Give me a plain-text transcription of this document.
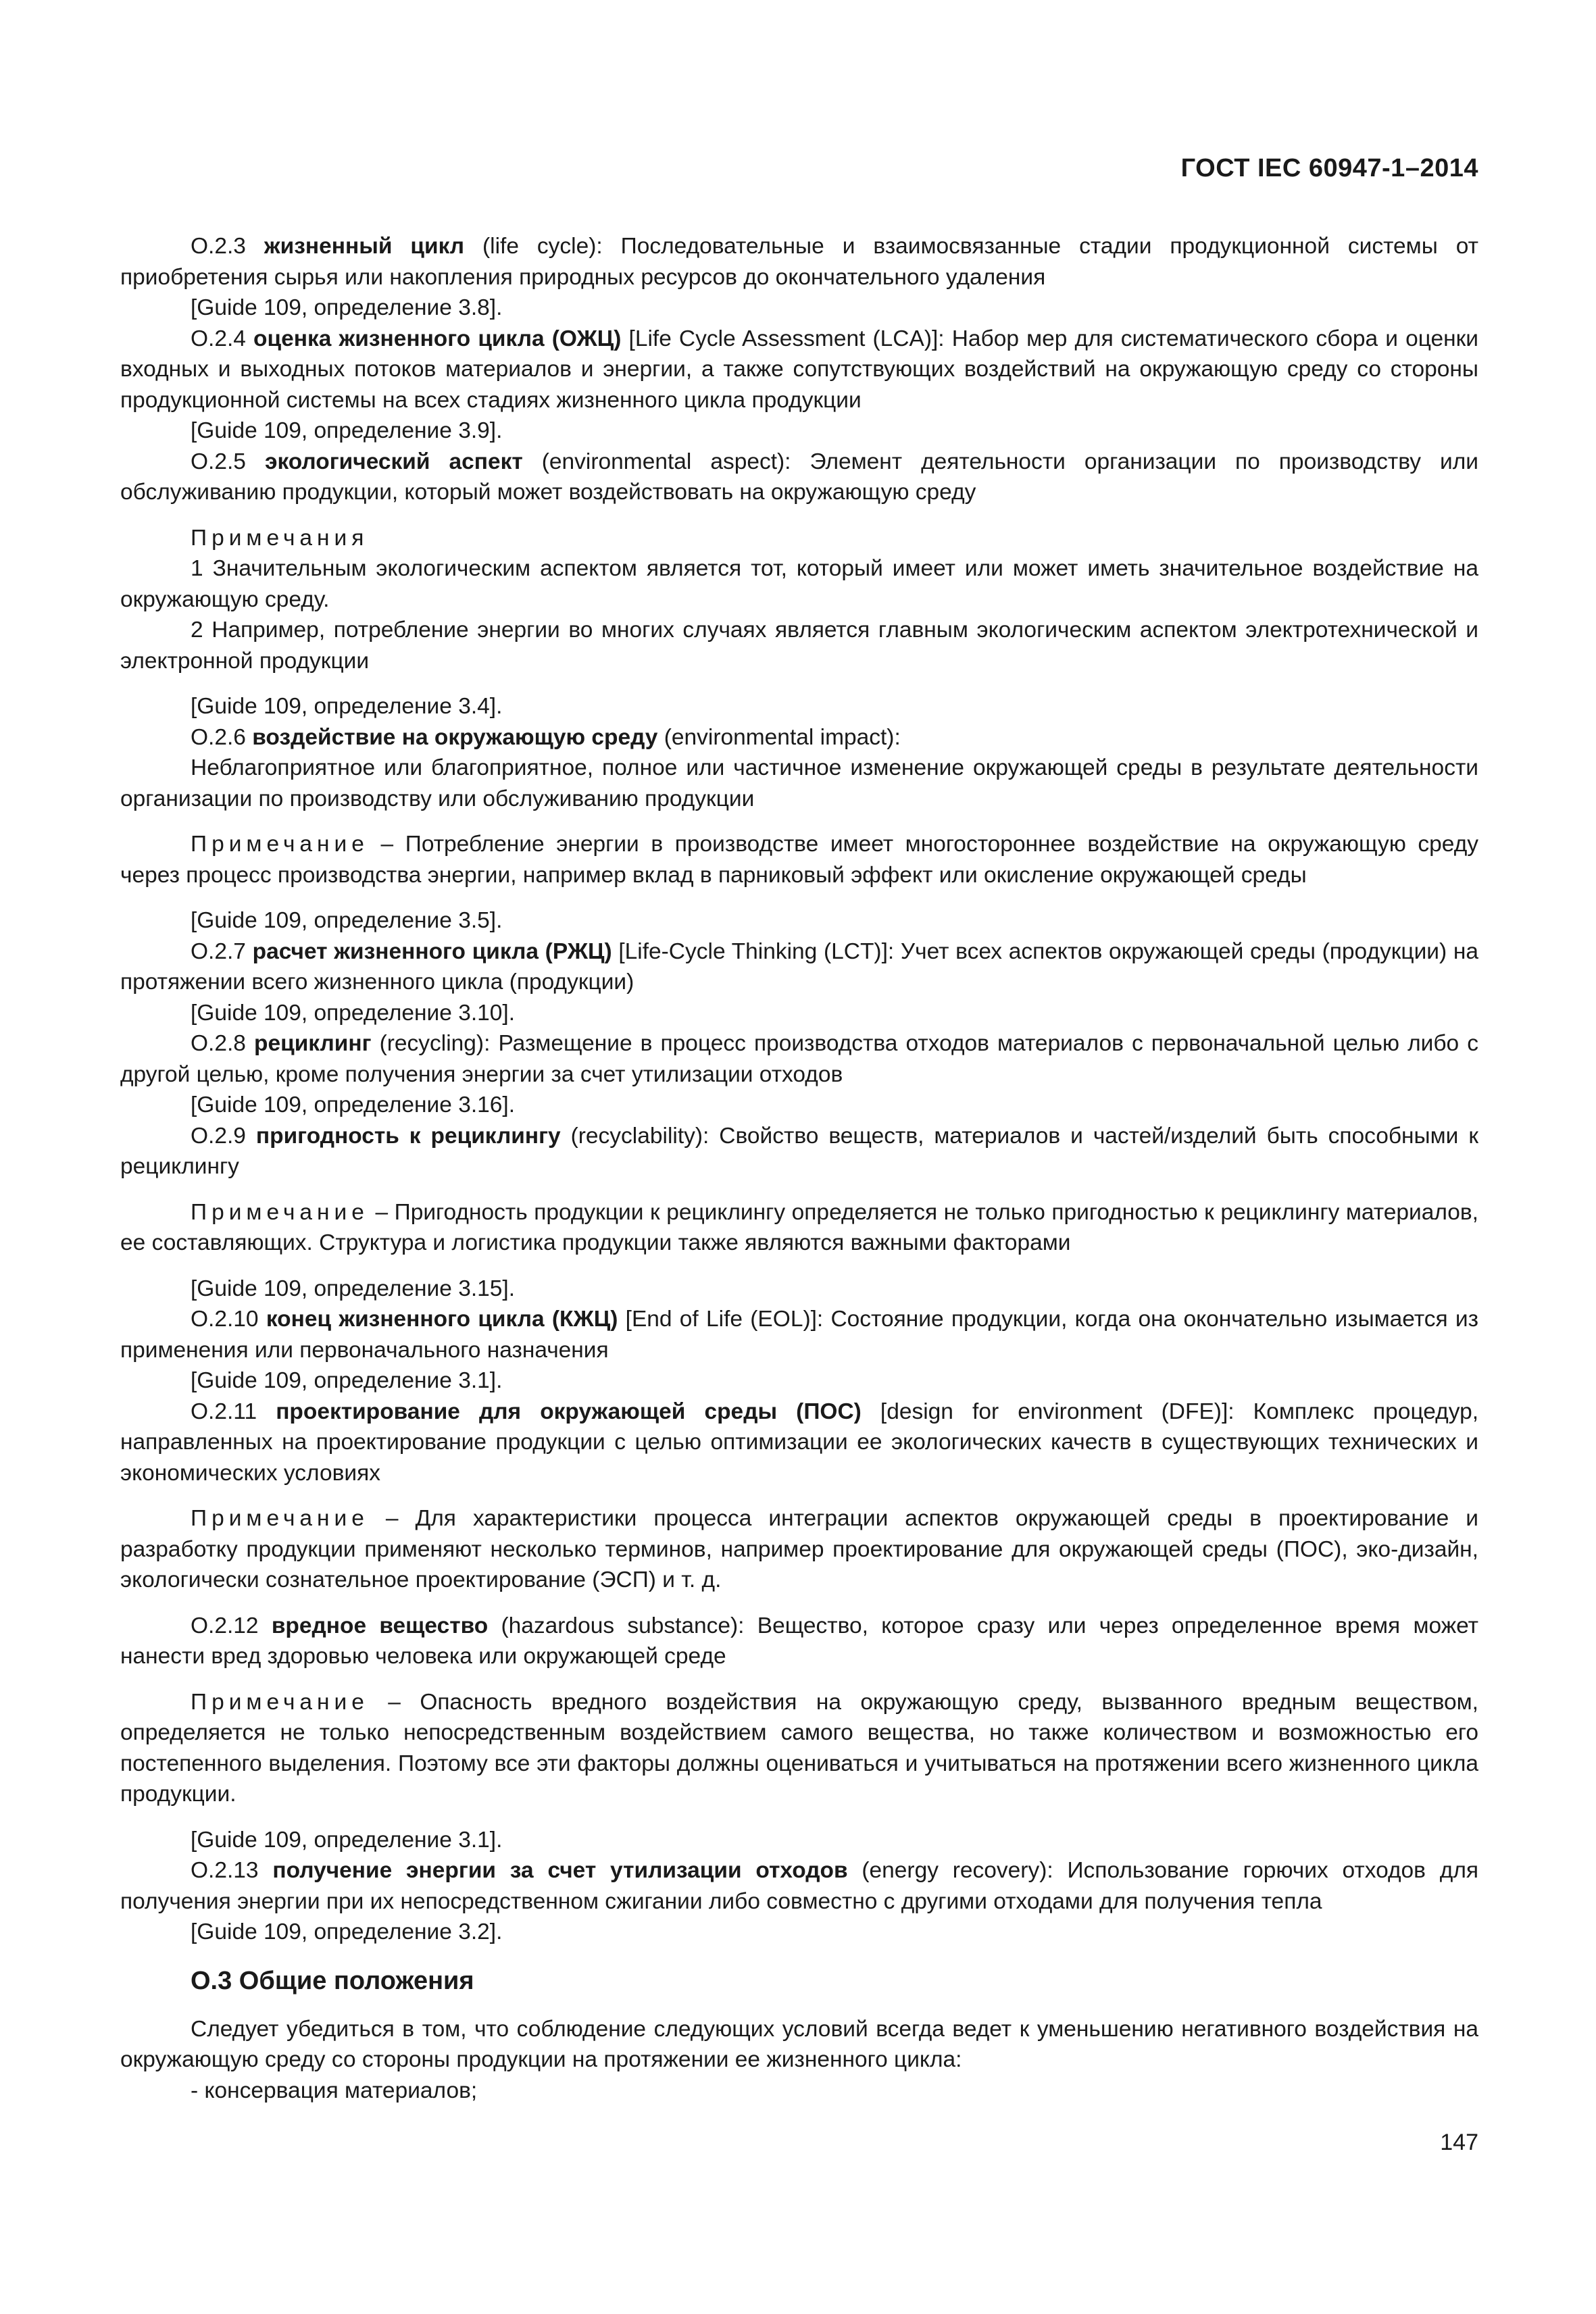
ГОСТ IEC 60947-1–2014

О.2.3 жизненный цикл (life cycle): Последовательные и взаимосвязанные стадии продукционной системы от приобретения сырья или накопления природных ресурсов до окончательного удаления

[Guide 109, определение 3.8].

О.2.4 оценка жизненного цикла (ОЖЦ) [Life Cycle Assessment (LCA)]: Набор мер для систематического сбора и оценки входных и выходных потоков материалов и энергии, а также сопутствующих воздействий на окружающую среду со стороны продукционной системы на всех стадиях жизненного цикла продукции

[Guide 109, определение 3.9].

О.2.5 экологический аспект (environmental aspect): Элемент деятельности организации по производству или обслуживанию продукции, который может воздействовать на окружающую среду

Примечания

1 Значительным экологическим аспектом является тот, который имеет или может иметь значительное воздействие на окружающую среду.

2 Например, потребление энергии во многих случаях является главным экологическим аспектом электротехнической и электронной продукции

[Guide 109, определение 3.4].

О.2.6 воздействие на окружающую среду (environmental impact):

Неблагоприятное или благоприятное, полное или частичное изменение окружающей среды в результате деятельности организации по производству или обслуживанию продукции

Примечание – Потребление энергии в производстве имеет многостороннее воздействие на окружающую среду через процесс производства энергии, например вклад в парниковый эффект или окисление окружающей среды

[Guide 109, определение 3.5].

О.2.7 расчет жизненного цикла (РЖЦ) [Life-Cycle Thinking (LCT)]: Учет всех аспектов окружающей среды (продукции) на протяжении всего жизненного цикла (продукции)

[Guide 109, определение 3.10].

О.2.8 рециклинг (recycling): Размещение в процесс производства отходов материалов с первоначальной целью либо с другой целью, кроме получения энергии за счет утилизации отходов

[Guide 109, определение 3.16].

О.2.9 пригодность к рециклингу (recyclability): Свойство веществ, материалов и частей/изделий быть способными к рециклингу

Примечание – Пригодность продукции к рециклингу определяется не только пригодностью к рециклингу материалов, ее составляющих. Структура и логистика продукции также являются важными факторами

[Guide 109, определение 3.15].

О.2.10 конец жизненного цикла (КЖЦ) [End of Life (EOL)]: Состояние продукции, когда она окончательно изымается из применения или первоначального назначения

[Guide 109, определение 3.1].

О.2.11 проектирование для окружающей среды (ПОС) [design for environment (DFE)]: Комплекс процедур, направленных на проектирование продукции с целью оптимизации ее экологических качеств в существующих технических и экономических условиях

Примечание – Для характеристики процесса интеграции аспектов окружающей среды в проектирование и разработку продукции применяют несколько терминов, например проектирование для окружающей среды (ПОС), эко-дизайн, экологически сознательное проектирование (ЭСП) и т. д.

О.2.12 вредное вещество (hazardous substance): Вещество, которое сразу или через определенное время может нанести вред здоровью человека или окружающей среде

Примечание – Опасность вредного воздействия на окружающую среду, вызванного вредным веществом, определяется не только непосредственным воздействием самого вещества, но также количеством и возможностью его постепенного выделения. Поэтому все эти факторы должны оцениваться и учитываться на протяжении всего жизненного цикла продукции.

[Guide 109, определение 3.1].

О.2.13 получение энергии за счет утилизации отходов (energy recovery): Использование горючих отходов для получения энергии при их непосредственном сжигании либо совместно с другими отходами для получения тепла

[Guide 109, определение 3.2].

О.3 Общие положения

Следует убедиться в том, что соблюдение следующих условий всегда ведет к уменьшению негативного воздействия на окружающую среду со стороны продукции на протяжении ее жизненного цикла:

- консервация материалов;

147
